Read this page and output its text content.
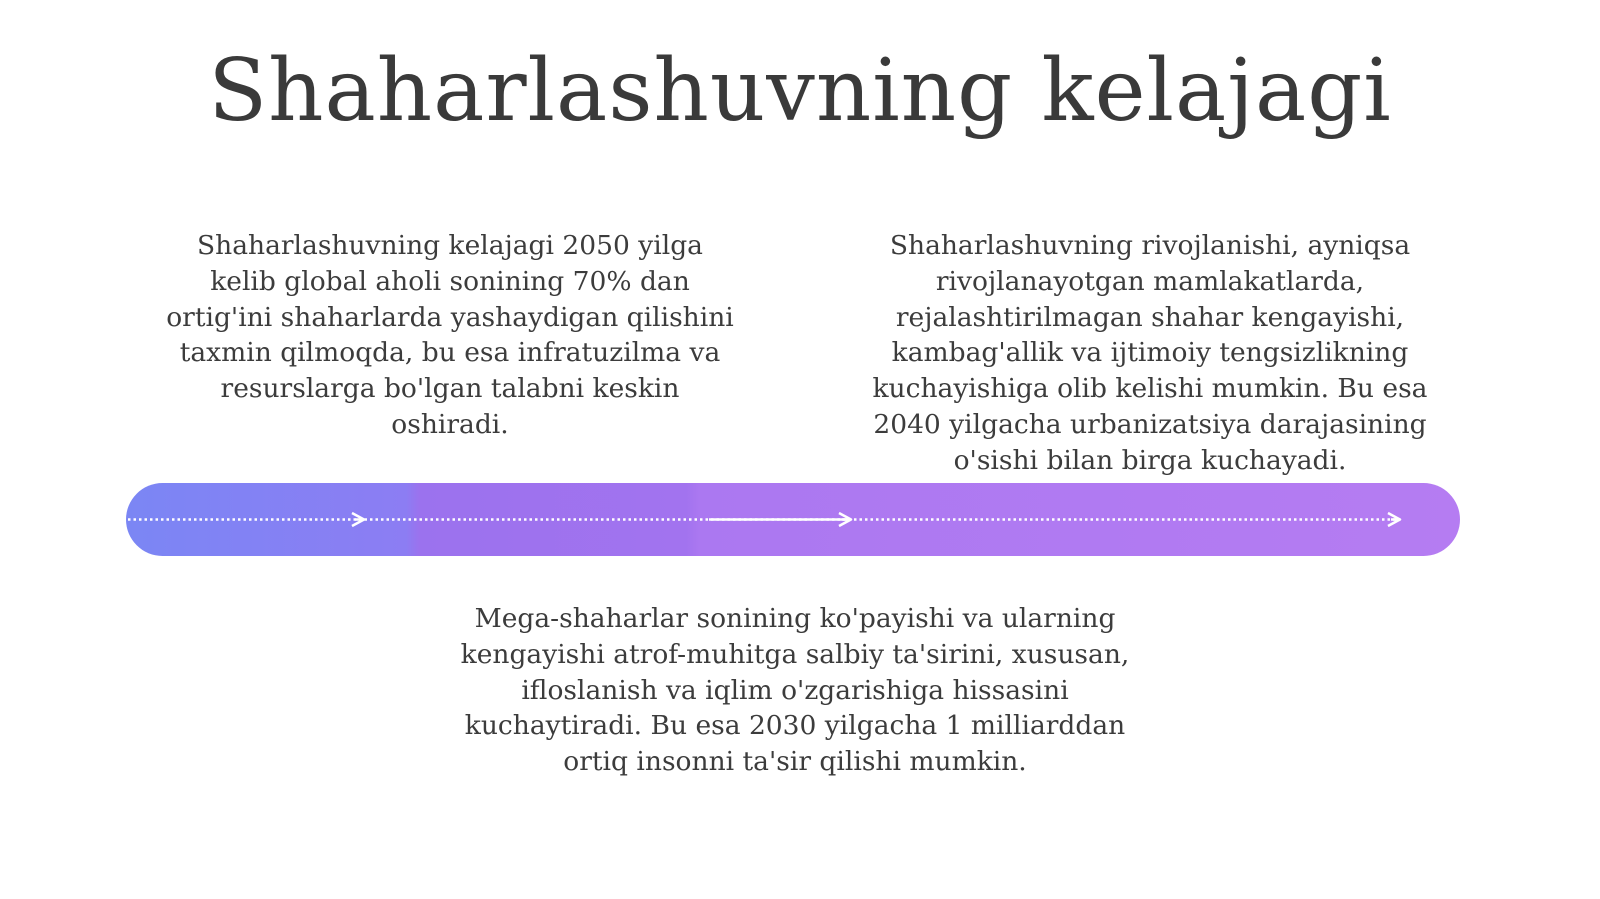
Shaharlashuvning kelajagi
Shaharlashuvning kelajagi 2050 yilga kelib global aholi sonining 70% dan ortig'ini shaharlarda yashaydigan qilishini taxmin qilmoqda, bu esa infratuzilma va resurslarga bo'lgan talabni keskin oshiradi.
Shaharlashuvning rivojlanishi, ayniqsa rivojlanayotgan mamlakatlarda, rejalashtirilmagan shahar kengayishi, kambag'allik va ijtimoiy tengsizlikning kuchayishiga olib kelishi mumkin. Bu esa 2040 yilgacha urbanizatsiya darajasining o'sishi bilan birga kuchayadi.
Mega-shaharlar sonining ko'payishi va ularning kengayishi atrof-muhitga salbiy ta'sirini, xususan, ifloslanish va iqlim o'zgarishiga hissasini kuchaytiradi. Bu esa 2030 yilgacha 1 milliarddan ortiq insonni ta'sir qilishi mumkin.
